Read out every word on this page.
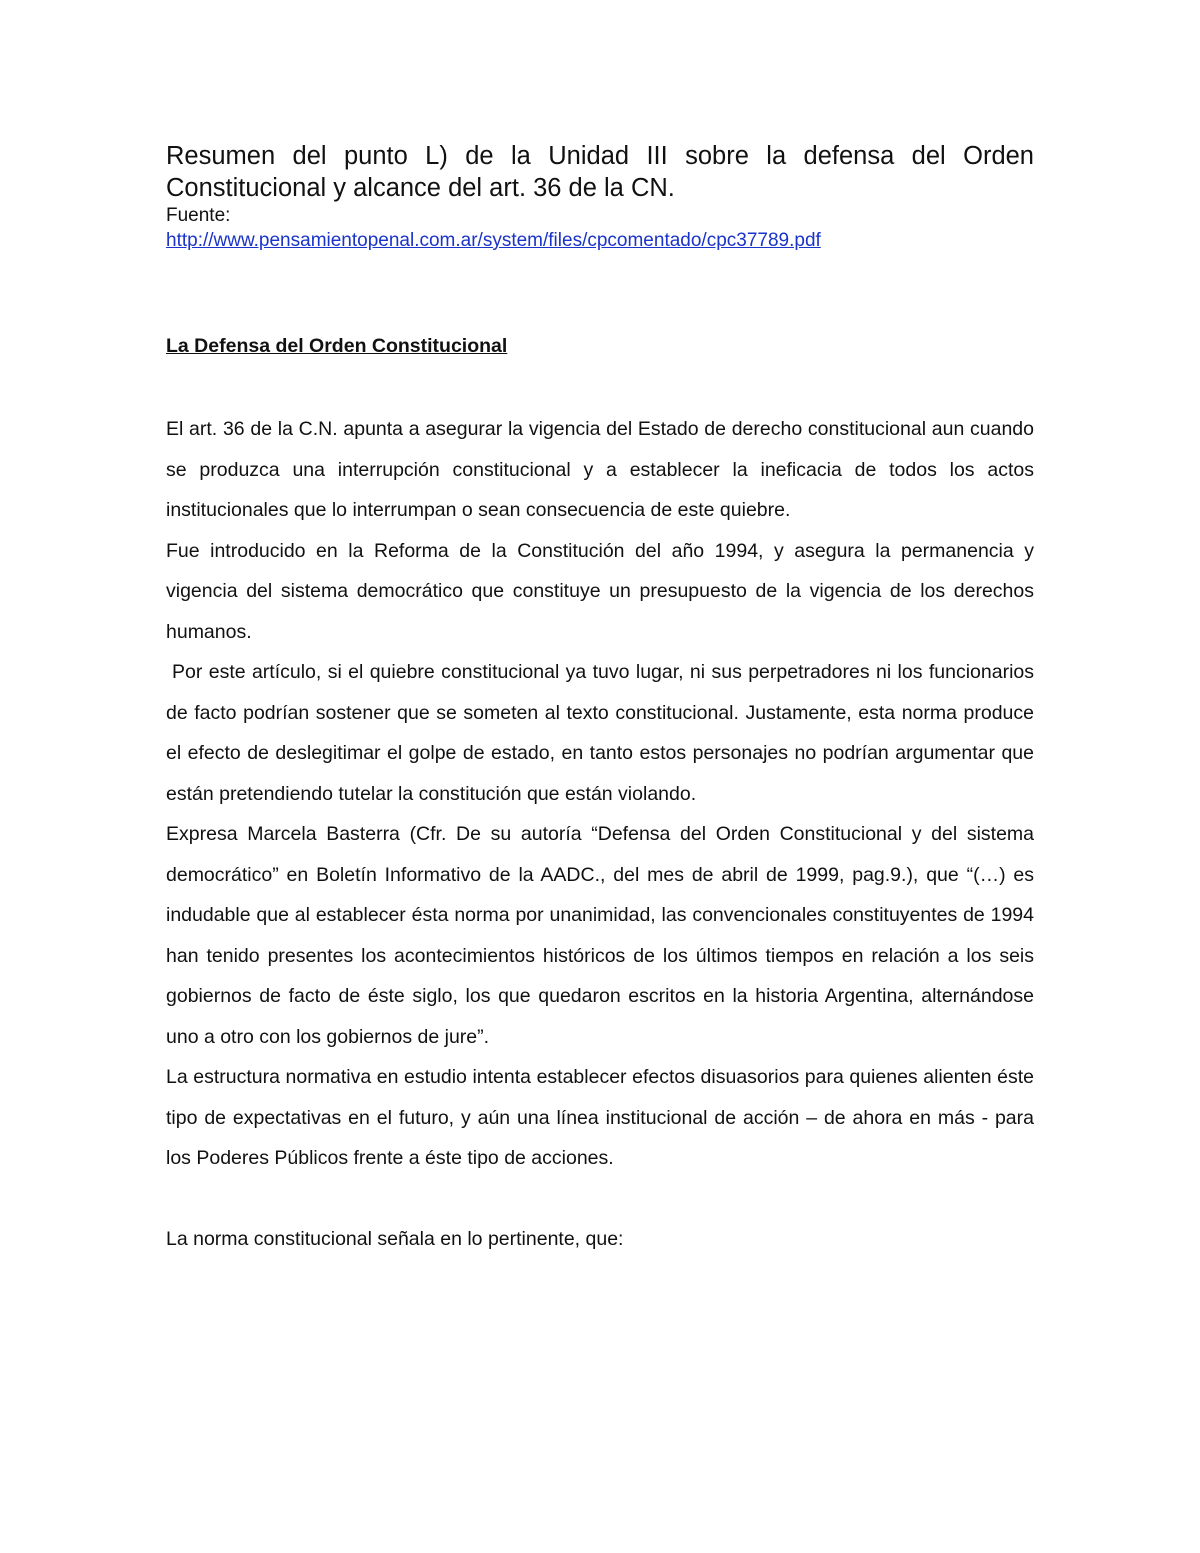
Resumen del punto L) de la Unidad III sobre la defensa del Orden Constitucional y alcance del art. 36 de la CN.

Fuente:

http://www.pensamientopenal.com.ar/system/files/cpcomentado/cpc37789.pdf
La Defensa del Orden Constitucional

El art. 36 de la C.N. apunta a asegurar la vigencia del Estado de derecho constitucional aun cuando se produzca una interrupción constitucional y a establecer la ineficacia de todos los actos institucionales que lo interrumpan o sean consecuencia de este quiebre.

Fue introducido en la Reforma de la Constitución del año 1994, y asegura la permanencia y vigencia del sistema democrático que constituye un presupuesto de la vigencia de los derechos humanos.

Por este artículo, si el quiebre constitucional ya tuvo lugar, ni sus perpetradores ni los funcionarios de facto podrían sostener que se someten al texto constitucional. Justamente, esta norma produce el efecto de deslegitimar el golpe de estado, en tanto estos personajes no podrían argumentar que están pretendiendo tutelar la constitución que están violando.

Expresa Marcela Basterra (Cfr. De su autoría “Defensa del Orden Constitucional y del sistema democrático” en Boletín Informativo de la AADC., del mes de abril de 1999, pag.9.), que “(…) es indudable que al establecer ésta norma por unanimidad, las convencionales constituyentes de 1994 han tenido presentes los acontecimientos históricos de los últimos tiempos en relación a los seis gobiernos de facto de éste siglo, los que quedaron escritos en la historia Argentina, alternándose uno a otro con los gobiernos de jure”.

La estructura normativa en estudio intenta establecer efectos disuasorios para quienes alienten éste tipo de expectativas en el futuro, y aún una línea institucional de acción – de ahora en más - para los Poderes Públicos frente a éste tipo de acciones.

La norma constitucional señala en lo pertinente, que:
